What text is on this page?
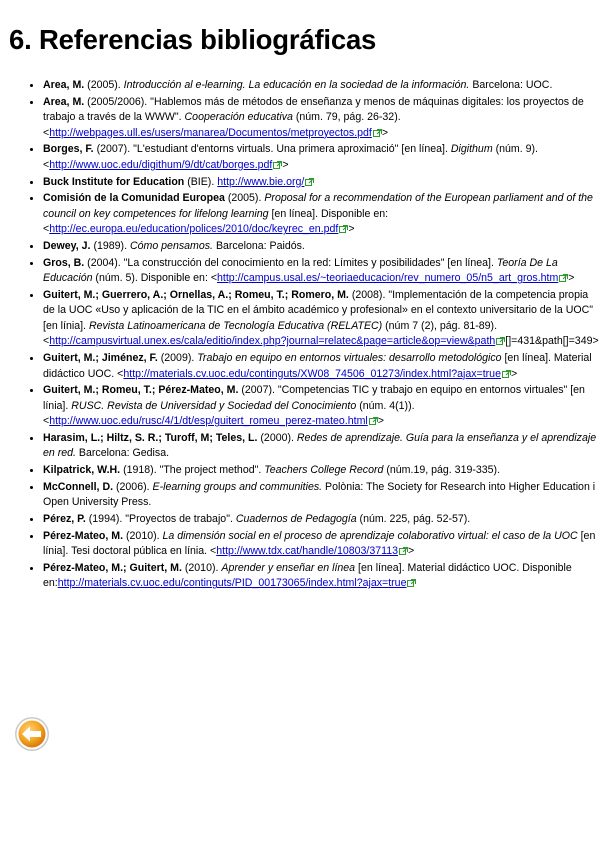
6. Referencias bibliográficas
• Area, M. (2005). Introducción al e-learning. La educación en la sociedad de la información. Barcelona: UOC.
• Area, M. (2005/2006). "Hablemos más de métodos de enseñanza y menos de máquinas digitales: los proyectos de trabajo a través de la WWW". Cooperación educativa (núm. 79, pág. 26-32). <http://webpages.ull.es/users/manarea/Documentos/metproyectos.pdf >
• Borges, F. (2007). "L'estudiant d'entorns virtuals. Una primera aproximació" [en línea]. Digithum (núm. 9). <http://www.uoc.edu/digithum/9/dt/cat/borges.pdf >
• Buck Institute for Education (BIE). http://www.bie.org/
• Comisión de la Comunidad Europea (2005). Proposal for a recommendation of the European parliament and of the council on key competences for lifelong learning [en línea]. Disponible en: <http://ec.europa.eu/education/polices/2010/doc/keyrec_en.pdf >
• Dewey, J. (1989). Cómo pensamos. Barcelona: Paidós.
• Gros, B. (2004). "La construcción del conocimiento en la red: Límites y posibilidades" [en línea]. Teoría De La Educación (núm. 5). Disponible en: <http://campus.usal.es/~teoriaeducacion/rev_numero_05/n5_art_gros.htm >
• Guitert, M.; Guerrero, A.; Ornellas, A.; Romeu, T.; Romero, M. (2008). "Implementación de la competencia propia de la UOC «Uso y aplicación de la TIC en el ámbito académico y profesional» en el contexto universitario de la UOC" [en línia]. Revista Latinoamericana de Tecnología Educativa (RELATEC) (núm 7 (2), pág. 81-89). <http://campusvirtual.unex.es/cala/editio/index.php?journal=relatec&page=article&op=view&path []=431&path[]=349>
• Guitert, M.; Jiménez, F. (2009). Trabajo en equipo en entornos virtuales: desarrollo metodológico [en línea]. Material didáctico UOC. <http://materials.cv.uoc.edu/continguts/XW08_74506_01273/index.html?ajax=true >
• Guitert, M.; Romeu, T.; Pérez-Mateo, M. (2007). "Competencias TIC y trabajo en equipo en entornos virtuales" [en línia]. RUSC. Revista de Universidad y Sociedad del Conocimiento (núm. 4(1)). <http://www.uoc.edu/rusc/4/1/dt/esp/guitert_romeu_perez-mateo.html >
• Harasim, L.; Hiltz, S. R.; Turoff, M; Teles, L. (2000). Redes de aprendizaje. Guía para la enseñanza y el aprendizaje en red. Barcelona: Gedisa.
• Kilpatrick, W.H. (1918). "The project method". Teachers College Record (núm.19, pág. 319-335).
• McConnell, D. (2006). E-learning groups and communities. Polònia: The Society for Research into Higher Education i Open University Press.
• Pérez, P. (1994). "Proyectos de trabajo". Cuadernos de Pedagogía (núm. 225, pág. 52-57).
• Pérez-Mateo, M. (2010). La dimensión social en el proceso de aprendizaje colaborativo virtual: el caso de la UOC [en línia]. Tesi doctoral pública en línia. <http://www.tdx.cat/handle/10803/37113 >
• Pérez-Mateo, M.; Guitert, M. (2010). Aprender y enseñar en línea [en línea]. Material didáctico UOC. Disponible en:http://materials.cv.uoc.edu/continguts/PID_00173065/index.html?ajax=true
